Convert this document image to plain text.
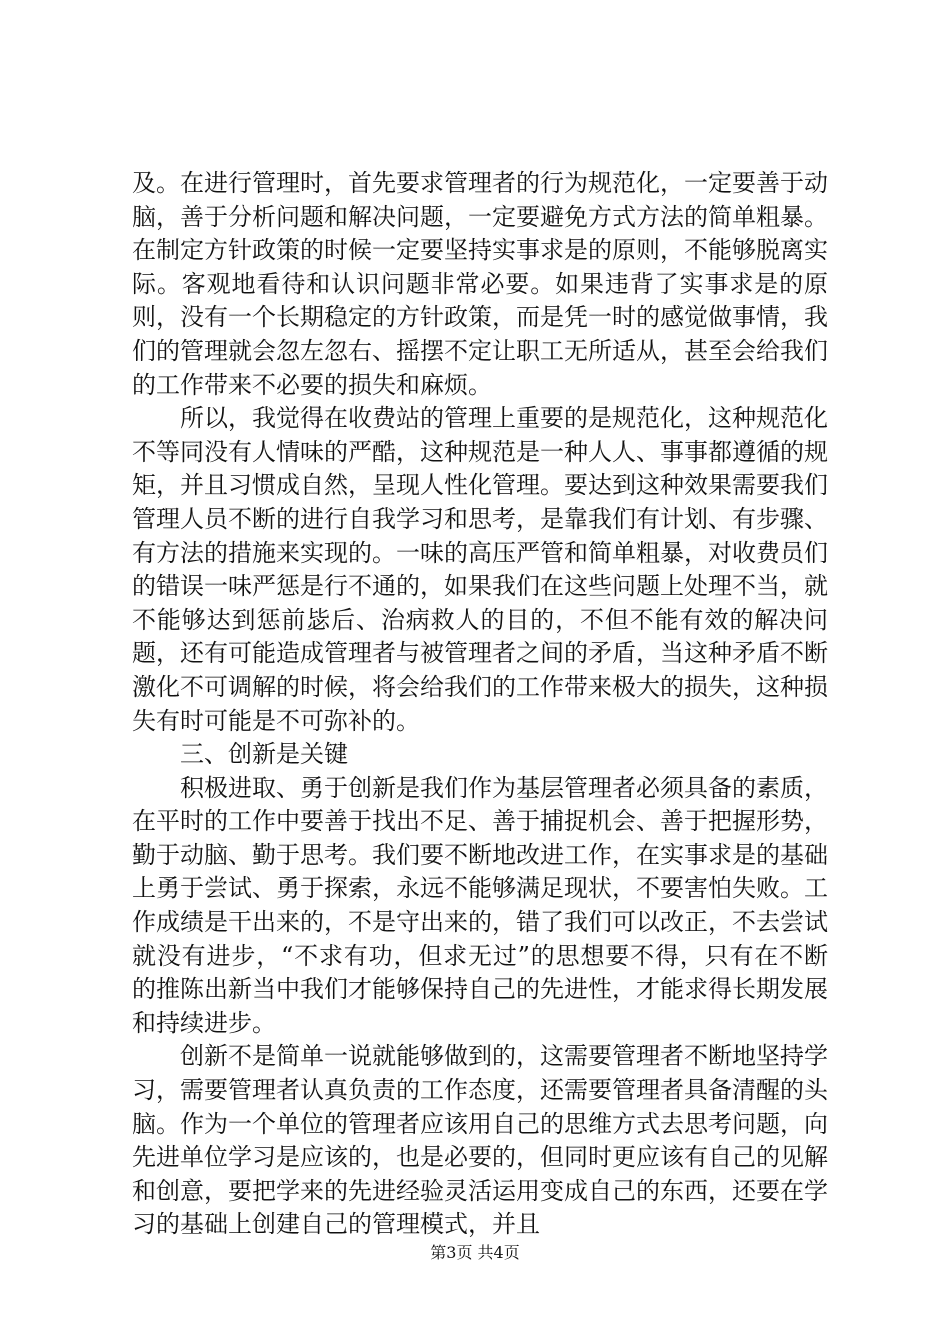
及。在进行管理时，首先要求管理者的行为规范化，一定要善于动脑，善于分析问题和解决问题，一定要避免方式方法的简单粗暴。在制定方针政策的时候一定要坚持实事求是的原则，不能够脱离实际。客观地看待和认识问题非常必要。如果违背了实事求是的原则，没有一个长期稳定的方针政策，而是凭一时的感觉做事情，我们的管理就会忽左忽右、摇摆不定让职工无所适从，甚至会给我们的工作带来不必要的损失和麻烦。

所以，我觉得在收费站的管理上重要的是规范化，这种规范化不等同没有人情味的严酷，这种规范是一种人人、事事都遵循的规矩，并且习惯成自然，呈现人性化管理。要达到这种效果需要我们管理人员不断的进行自我学习和思考，是靠我们有计划、有步骤、有方法的措施来实现的。一味的高压严管和简单粗暴，对收费员们的错误一味严惩是行不通的，如果我们在这些问题上处理不当，就不能够达到惩前毖后、治病救人的目的，不但不能有效的解决问题，还有可能造成管理者与被管理者之间的矛盾，当这种矛盾不断激化不可调解的时候，将会给我们的工作带来极大的损失，这种损失有时可能是不可弥补的。

三、创新是关键

积极进取、勇于创新是我们作为基层管理者必须具备的素质，在平时的工作中要善于找出不足、善于捕捉机会、善于把握形势，勤于动脑、勤于思考。我们要不断地改进工作，在实事求是的基础上勇于尝试、勇于探索，永远不能够满足现状，不要害怕失败。工作成绩是干出来的，不是守出来的，错了我们可以改正，不去尝试就没有进步，“不求有功，但求无过”的思想要不得，只有在不断的推陈出新当中我们才能够保持自己的先进性，才能求得长期发展和持续进步。

创新不是简单一说就能够做到的，这需要管理者不断地坚持学习，需要管理者认真负责的工作态度，还需要管理者具备清醒的头脑。作为一个单位的管理者应该用自己的思维方式去思考问题，向先进单位学习是应该的，也是必要的，但同时更应该有自己的见解和创意，要把学来的先进经验灵活运用变成自己的东西，还要在学习的基础上创建自己的管理模式，并且

第3页 共4页
